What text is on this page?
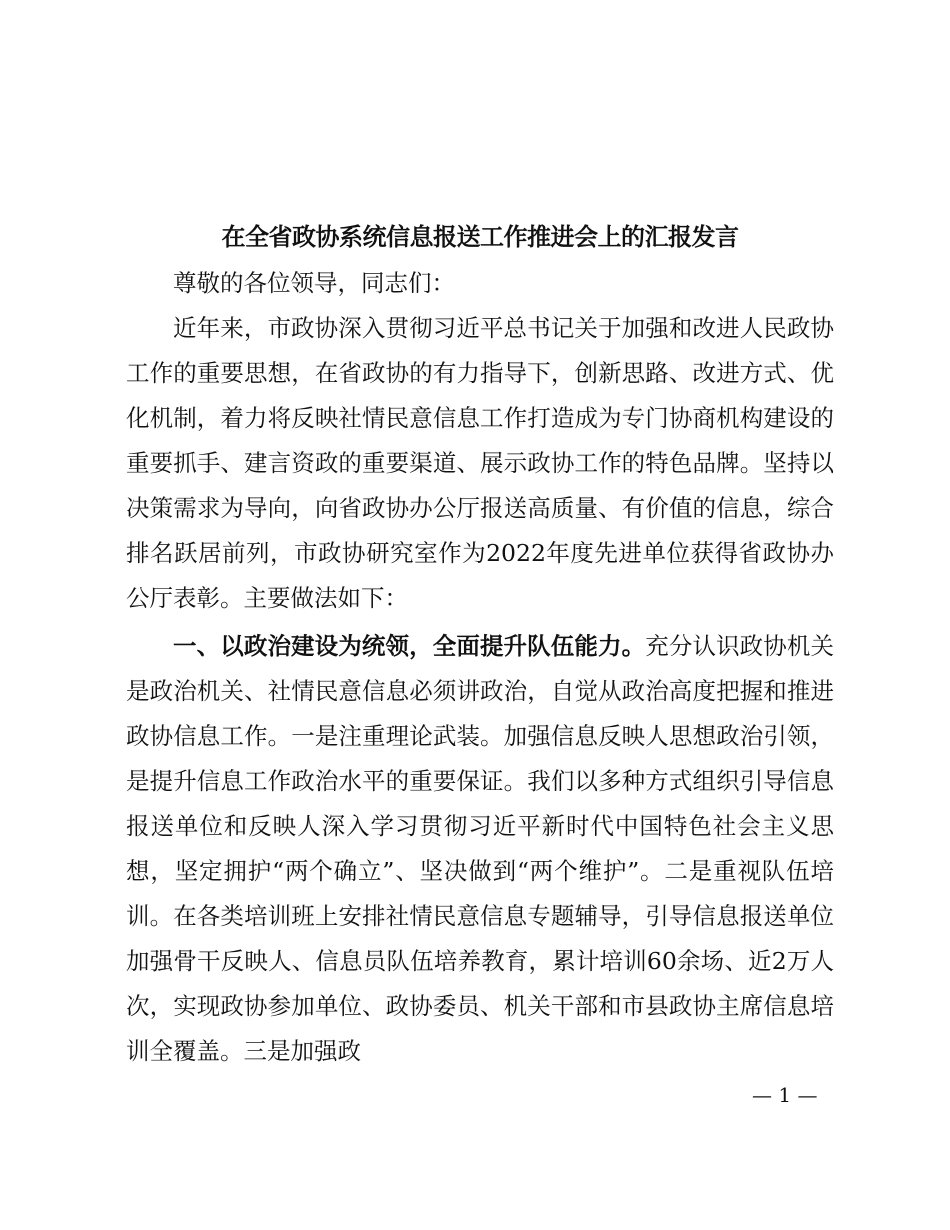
在全省政协系统信息报送工作推进会上的汇报发言

尊敬的各位领导，同志们：

近年来，市政协深入贯彻习近平总书记关于加强和改进人民政协工作的重要思想，在省政协的有力指导下，创新思路、改进方式、优化机制，着力将反映社情民意信息工作打造成为专门协商机构建设的重要抓手、建言资政的重要渠道、展示政协工作的特色品牌。坚持以决策需求为导向，向省政协办公厅报送高质量、有价值的信息，综合排名跃居前列，市政协研究室作为2022年度先进单位获得省政协办公厅表彰。主要做法如下：

一、以政治建设为统领，全面提升队伍能力。充分认识政协机关是政治机关、社情民意信息必须讲政治，自觉从政治高度把握和推进政协信息工作。一是注重理论武装。加强信息反映人思想政治引领，是提升信息工作政治水平的重要保证。我们以多种方式组织引导信息报送单位和反映人深入学习贯彻习近平新时代中国特色社会主义思想，坚定拥护“两个确立”、坚决做到“两个维护”。二是重视队伍培训。在各类培训班上安排社情民意信息专题辅导，引导信息报送单位加强骨干反映人、信息员队伍培养教育，累计培训60余场、近2万人次，实现政协参加单位、政协委员、机关干部和市县政协主席信息培训全覆盖。三是加强政

— 1 —
